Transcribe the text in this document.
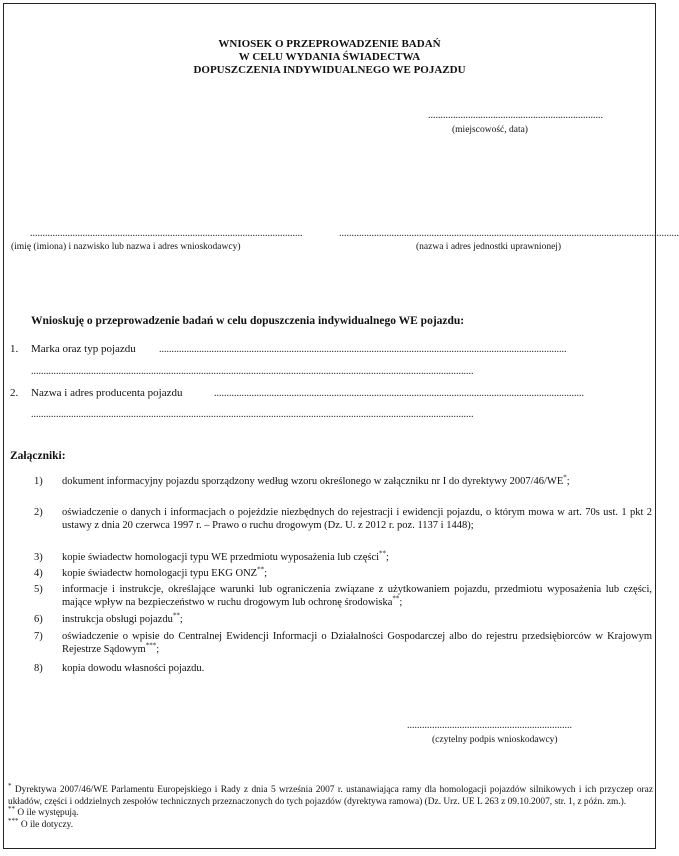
WNIOSEK O PRZEPROWADZENIE BADAŃ
W CELU WYDANIA ŚWIADECTWA
DOPUSZCZENIA INDYWIDUALNEGO WE POJAZDU
......................................................................
(miejscowość, data)
.............................................................................................................
(imię (imiona) i nazwisko lub nazwa i adres wnioskodawcy)
........................................................................................................................................
(nazwa i adres jednostki uprawnionej)
Wnioskuję o przeprowadzenie badań w celu dopuszczenia indywidualnego WE pojazdu:
1. Marka oraz typ pojazdu ...................................................................................................................................................................
.................................................................................................................................................................................
2. Nazwa i adres producenta pojazdu	....................................................................................................................................................
.................................................................................................................................................................................
Załączniki:
1)	dokument informacyjny pojazdu sporządzony według wzoru określonego w załączniku nr I do dyrektywy 2007/46/WE*;
2)	oświadczenie o danych i informacjach o pojeździe niezbędnych do rejestracji i ewidencji pojazdu, o którym mowa w art. 70s ust. 1 pkt 2 ustawy z dnia 20 czerwca 1997 r. – Prawo o ruchu drogowym (Dz. U. z 2012 r. poz. 1137 i 1448);
3)	kopie świadectw homologacji typu WE przedmiotu wyposażenia lub części**;
4)	kopie świadectw homologacji typu EKG ONZ**;
5)	informacje i instrukcje, określające warunki lub ograniczenia związane z użytkowaniem pojazdu, przedmiotu wyposażenia lub części, mające wpływ na bezpieczeństwo w ruchu drogowym lub ochronę środowiska**;
6)	instrukcja obsługi pojazdu**;
7)	oświadczenie o wpisie do Centralnej Ewidencji Informacji o Działalności Gospodarczej albo do rejestru przedsiębiorców w Krajowym Rejestrze Sądowym***;
8)	kopia dowodu własności pojazdu.
..................................................................
(czytelny podpis wnioskodawcy)
* Dyrektywa 2007/46/WE Parlamentu Europejskiego i Rady z dnia 5 września 2007 r. ustanawiająca ramy dla homologacji pojazdów silnikowych i ich przyczep oraz układów, części i oddzielnych zespołów technicznych przeznaczonych do tych pojazdów (dyrektywa ramowa) (Dz. Urz. UE L 263 z 09.10.2007, str. 1, z późn. zm.).
** O ile występują.
*** O ile dotyczy.
